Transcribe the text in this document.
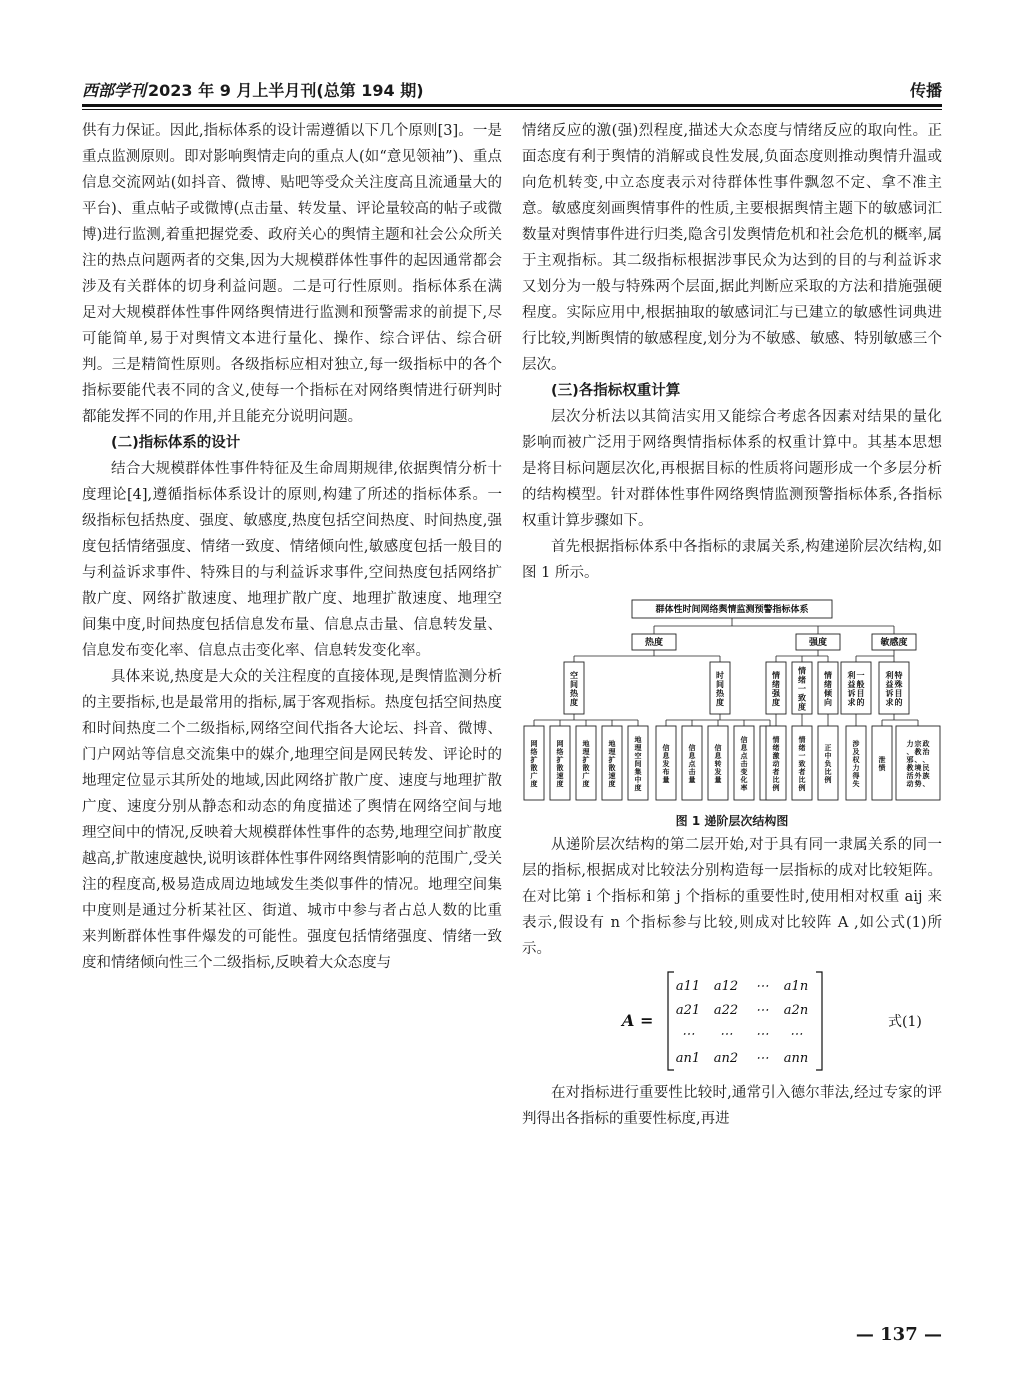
西部学刊 2023 年 9 月上半月刊(总第 194 期)	传播

供有力保证。因此,指标体系的设计需遵循以下几个原则[3]。一是重点监测原则。即对影响舆情走向的重点人(如“意见领袖”)、重点信息交流网站(如抖音、微博、贴吧等受众关注度高且流通量大的平台)、重点帖子或微博(点击量、转发量、评论量较高的帖子或微博)进行监测,着重把握党委、政府关心的舆情主题和社会公众所关注的热点问题两者的交集,因为大规模群体性事件的起因通常都会涉及有关群体的切身利益问题。二是可行性原则。指标体系在满足对大规模群体性事件网络舆情进行监测和预警需求的前提下,尽可能简单,易于对舆情文本进行量化、操作、综合评估、综合研判。三是精简性原则。各级指标应相对独立,每一级指标中的各个指标要能代表不同的含义,使每一个指标在对网络舆情进行研判时都能发挥不同的作用,并且能充分说明问题。

(二)指标体系的设计

结合大规模群体性事件特征及生命周期规律,依据舆情分析十度理论[4],遵循指标体系设计的原则,构建了所述的指标体系。一级指标包括热度、强度、敏感度,热度包括空间热度、时间热度,强度包括情绪强度、情绪一致度、情绪倾向性,敏感度包括一般目的与利益诉求事件、特殊目的与利益诉求事件,空间热度包括网络扩散广度、网络扩散速度、地理扩散广度、地理扩散速度、地理空间集中度,时间热度包括信息发布量、信息点击量、信息转发量、信息发布变化率、信息点击变化率、信息转发变化率。

具体来说,热度是大众的关注程度的直接体现,是舆情监测分析的主要指标,也是最常用的指标,属于客观指标。热度包括空间热度和时间热度二个二级指标,网络空间代指各大论坛、抖音、微博、门户网站等信息交流集中的媒介,地理空间是网民转发、评论时的地理定位显示其所处的地域,因此网络扩散广度、速度与地理扩散广度、速度分别从静态和动态的角度描述了舆情在网络空间与地理空间中的情况,反映着大规模群体性事件的态势,地理空间扩散度越高,扩散速度越快,说明该群体性事件网络舆情影响的范围广,受关注的程度高,极易造成周边地域发生类似事件的情况。地理空间集中度则是通过分析某社区、街道、城市中参与者占总人数的比重来判断群体性事件爆发的可能性。强度包括情绪强度、情绪一致度和情绪倾向性三个二级指标,反映着大众态度与

情绪反应的激(强)烈程度,描述大众态度与情绪反应的取向性。正面态度有利于舆情的消解或良性发展,负面态度则推动舆情升温或向危机转变,中立态度表示对待群体性事件飘忽不定、拿不准主意。敏感度刻画舆情事件的性质,主要根据舆情主题下的敏感词汇数量对舆情事件进行归类,隐含引发舆情危机和社会危机的概率,属于主观指标。其二级指标根据涉事民众为达到的目的与利益诉求又划分为一般与特殊两个层面,据此判断应采取的方法和措施强硬程度。实际应用中,根据抽取的敏感词汇与已建立的敏感性词典进行比较,判断舆情的敏感程度,划分为不敏感、敏感、特别敏感三个层次。

(三)各指标权重计算

层次分析法以其简洁实用又能综合考虑各因素对结果的量化影响而被广泛用于网络舆情指标体系的权重计算中。其基本思想是将目标问题层次化,再根据目标的性质将问题形成一个多层分析的结构模型。针对群体性事件网络舆情监测预警指标体系,各指标权重计算步骤如下。

首先根据指标体系中各指标的隶属关系,构建递阶层次结构,如图 1 所示。

群体性时间网络舆情监测预警指标体系
热度	强度	敏感度
空
间
热
度
时
间
热
度
情
绪
强
度
情
绪
一
致
度
情
绪
倾
向
一
般
目
的
利
益
诉
求
特
殊
目
的
利
益
诉
求
网
络
扩
散
广
度
网
络
扩
散
速
度
地
理
扩
散
广
度
地
理
扩
散
速
度
地
理
空
间
集
中
度
信
息
发
布
量
信
息
点
击
量
信
息
转
发
量
信
息
点
击
变
化
率
情
绪
激
动
者
比
例
情
绪
一
致
者
比
例
正
中
负
比
例
涉
及
权
力
得
失
泄
愤
政
治
、
民
族
、
宗
教
、
境
外
势
力
、
邪
教
活
动
图 1 递阶层次结构图

从递阶层次结构的第二层开始,对于具有同一隶属关系的同一层的指标,根据成对比较法分别构造每一层指标的成对比较矩阵。在对比第 i 个指标和第 j 个指标的重要性时,使用相对权重 aij 来表示,假设有 n 个指标参与比较,则成对比较阵 A ,如公式(1)所示。

A =
a11 a12 ⋯ a1n
a21 a22 ⋯ a2n
⋯ ⋯ ⋯ ⋯
an1 an2 ⋯ ann
式(1)

在对指标进行重要性比较时,通常引入德尔菲法,经过专家的评判得出各指标的重要性标度,再进

— 137 —
